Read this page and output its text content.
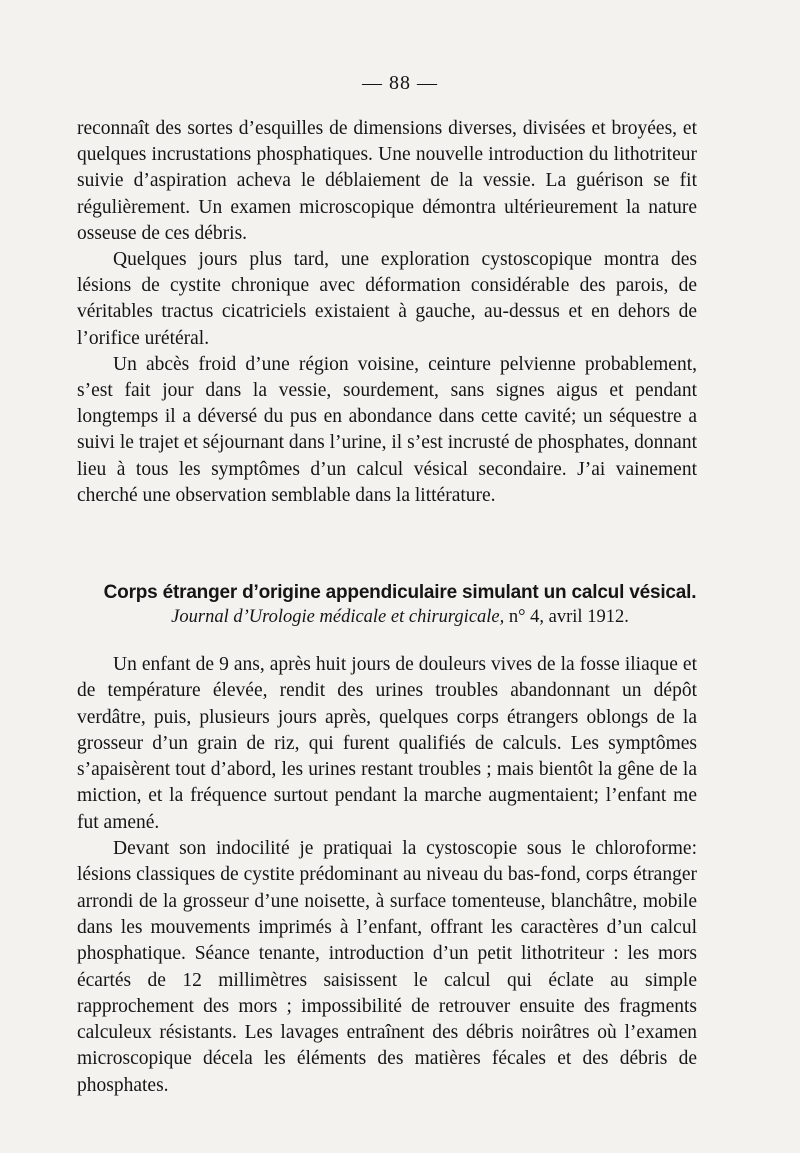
— 88 —

reconnaît des sortes d’esquilles de dimensions diverses, divisées et broyées, et quelques incrustations phosphatiques. Une nouvelle introduction du lithotriteur suivie d’aspiration acheva le déblaiement de la vessie. La guérison se fit régulièrement. Un examen microscopique démontra ultérieurement la nature osseuse de ces débris.

Quelques jours plus tard, une exploration cystoscopique montra des lésions de cystite chronique avec déformation considérable des parois, de véritables tractus cicatriciels existaient à gauche, au-dessus et en dehors de l’orifice urétéral.

Un abcès froid d’une région voisine, ceinture pelvienne probablement, s’est fait jour dans la vessie, sourdement, sans signes aigus et pendant longtemps il a déversé du pus en abondance dans cette cavité; un séquestre a suivi le trajet et séjournant dans l’urine, il s’est incrusté de phosphates, donnant lieu à tous les symptômes d’un calcul vésical secondaire. J’ai vainement cherché une observation semblable dans la littérature.

Corps étranger d’origine appendiculaire simulant un calcul vésical.
Journal d’Urologie médicale et chirurgicale, n° 4, avril 1912.

Un enfant de 9 ans, après huit jours de douleurs vives de la fosse iliaque et de température élevée, rendit des urines troubles abandonnant un dépôt verdâtre, puis, plusieurs jours après, quelques corps étrangers oblongs de la grosseur d’un grain de riz, qui furent qualifiés de calculs. Les symptômes s’apaisèrent tout d’abord, les urines restant troubles ; mais bientôt la gêne de la miction, et la fréquence surtout pendant la marche augmentaient; l’enfant me fut amené.

Devant son indocilité je pratiquai la cystoscopie sous le chloroforme: lésions classiques de cystite prédominant au niveau du bas-fond, corps étranger arrondi de la grosseur d’une noisette, à surface tomenteuse, blanchâtre, mobile dans les mouvements imprimés à l’enfant, offrant les caractères d’un calcul phosphatique. Séance tenante, introduction d’un petit lithotriteur : les mors écartés de 12 millimètres saisissent le calcul qui éclate au simple rapprochement des mors ; impossibilité de retrouver ensuite des fragments calculeux résistants. Les lavages entraînent des débris noirâtres où l’examen microscopique décela les éléments des matières fécales et des débris de phosphates.
